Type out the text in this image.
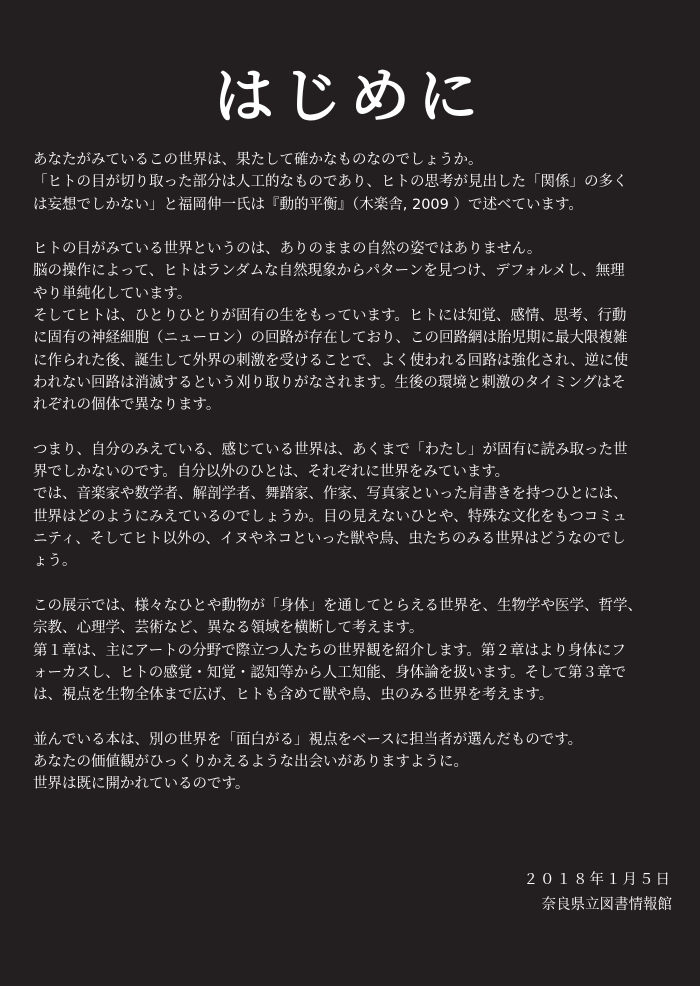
はじめに

あなたがみているこの世界は、果たして確かなものなのでしょうか。
「ヒトの目が切り取った部分は人工的なものであり、ヒトの思考が見出した「関係」の多く
は妄想でしかない」と福岡伸一氏は『動的平衡』（木楽舎, 2009 ）で述べています。

ヒトの目がみている世界というのは、ありのままの自然の姿ではありません。
脳の操作によって、ヒトはランダムな自然現象からパターンを見つけ、デフォルメし、無理
やり単純化しています。
そしてヒトは、ひとりひとりが固有の生をもっています。ヒトには知覚、感情、思考、行動
に固有の神経細胞（ニューロン）の回路が存在しており、この回路網は胎児期に最大限複雑
に作られた後、誕生して外界の刺激を受けることで、よく使われる回路は強化され、逆に使
われない回路は消滅するという刈り取りがなされます。生後の環境と刺激のタイミングはそ
れぞれの個体で異なります。

つまり、自分のみえている、感じている世界は、あくまで「わたし」が固有に読み取った世
界でしかないのです。自分以外のひとは、それぞれに世界をみています。
では、音楽家や数学者、解剖学者、舞踏家、作家、写真家といった肩書きを持つひとには、
世界はどのようにみえているのでしょうか。目の見えないひとや、特殊な文化をもつコミュ
ニティ、そしてヒト以外の、イヌやネコといった獣や鳥、虫たちのみる世界はどうなのでし
ょう。

この展示では、様々なひとや動物が「身体」を通してとらえる世界を、生物学や医学、哲学、
宗教、心理学、芸術など、異なる領域を横断して考えます。
第１章は、主にアートの分野で際立つ人たちの世界観を紹介します。第２章はより身体にフ
ォーカスし、ヒトの感覚・知覚・認知等から人工知能、身体論を扱います。そして第３章で
は、視点を生物全体まで広げ、ヒトも含めて獣や鳥、虫のみる世界を考えます。

並んでいる本は、別の世界を「面白がる」視点をベースに担当者が選んだものです。
あなたの価値観がひっくりかえるような出会いがありますように。
世界は既に開かれているのです。

２０１８年１月５日
奈良県立図書情報館
